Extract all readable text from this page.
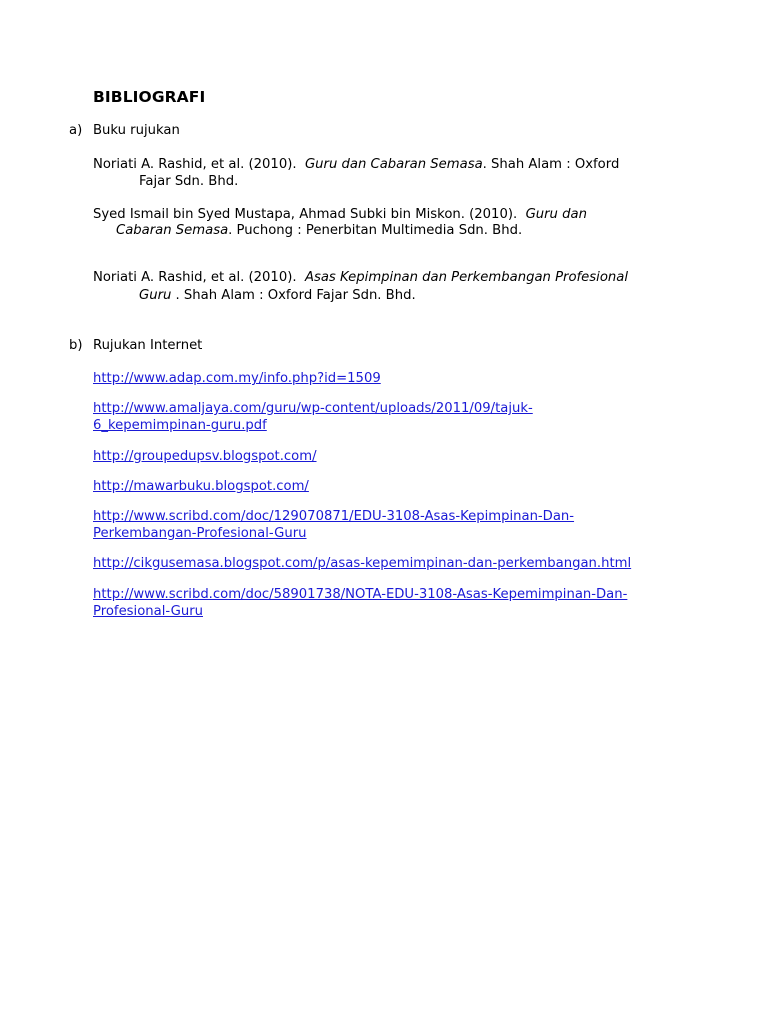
BIBLIOGRAFI
a) Buku rujukan
Noriati A. Rashid, et al. (2010). Guru dan Cabaran Semasa. Shah Alam : Oxford
Fajar Sdn. Bhd.
Syed Ismail bin Syed Mustapa, Ahmad Subki bin Miskon. (2010). Guru dan
Cabaran Semasa. Puchong : Penerbitan Multimedia Sdn. Bhd.
Noriati A. Rashid, et al. (2010). Asas Kepimpinan dan Perkembangan Profesional
Guru . Shah Alam : Oxford Fajar Sdn. Bhd.
b) Rujukan Internet
http://www.adap.com.my/info.php?id=1509
http://www.amaljaya.com/guru/wp-content/uploads/2011/09/tajuk-
6_kepemimpinan-guru.pdf
http://groupedupsv.blogspot.com/
http://mawarbuku.blogspot.com/
http://www.scribd.com/doc/129070871/EDU-3108-Asas-Kepimpinan-Dan-
Perkembangan-Profesional-Guru
http://cikgusemasa.blogspot.com/p/asas-kepemimpinan-dan-perkembangan.html
http://www.scribd.com/doc/58901738/NOTA-EDU-3108-Asas-Kepemimpinan-Dan-
Profesional-Guru
